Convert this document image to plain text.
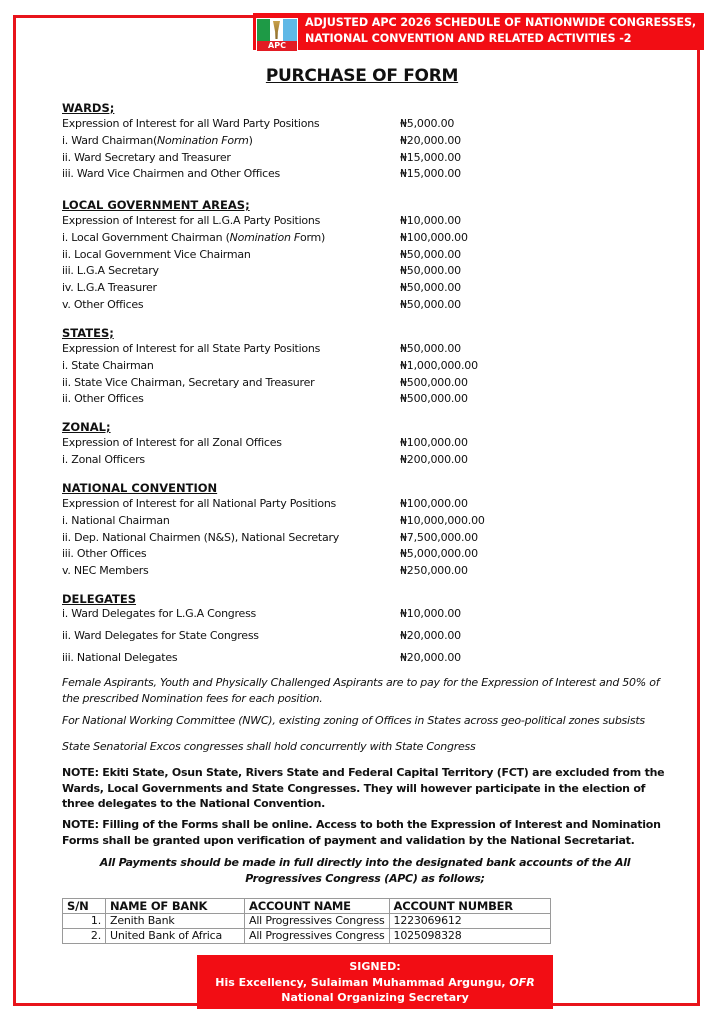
APC
ADJUSTED APC 2026 SCHEDULE OF NATIONWIDE CONGRESSES,
NATIONAL CONVENTION AND RELATED ACTIVITIES -2
PURCHASE OF FORM
WARDS;
Expression of Interest for all Ward Party Positions	₦5,000.00
i. Ward Chairman(Nomination Form)	₦20,000.00
ii. Ward Secretary and Treasurer	₦15,000.00
iii. Ward Vice Chairmen and Other Offices	₦15,000.00
LOCAL GOVERNMENT AREAS;
Expression of Interest for all L.G.A Party Positions	₦10,000.00
i. Local Government Chairman (Nomination Form)	₦100,000.00
ii. Local Government Vice Chairman	₦50,000.00
iii. L.G.A Secretary	₦50,000.00
iv. L.G.A Treasurer	₦50,000.00
v. Other Offices	₦50,000.00
STATES;
Expression of Interest for all State Party Positions	₦50,000.00
i. State Chairman	₦1,000,000.00
ii. State Vice Chairman, Secretary and Treasurer	₦500,000.00
ii. Other Offices	₦500,000.00
ZONAL;
Expression of Interest for all Zonal Offices	₦100,000.00
i. Zonal Officers	₦200,000.00
NATIONAL CONVENTION
Expression of Interest for all National Party Positions	₦100,000.00
i. National Chairman	₦10,000,000.00
ii. Dep. National Chairmen (N&S), National Secretary	₦7,500,000.00
iii. Other Offices	₦5,000,000.00
v. NEC Members	₦250,000.00
DELEGATES
i. Ward Delegates for L.G.A Congress	₦10,000.00
ii. Ward Delegates for State Congress	₦20,000.00
iii. National Delegates	₦20,000.00
Female Aspirants, Youth and Physically Challenged Aspirants are to pay for the Expression of Interest and 50% of the prescribed Nomination fees for each position.
For National Working Committee (NWC), existing zoning of Offices in States across geo-political zones subsists
State Senatorial Excos congresses shall hold concurrently with State Congress
NOTE: Ekiti State, Osun State, Rivers State and Federal Capital Territory (FCT) are excluded from the Wards, Local Governments and State Congresses. They will however participate in the election of three delegates to the National Convention.
NOTE: Filling of the Forms shall be online. Access to both the Expression of Interest and Nomination Forms shall be granted upon verification of payment and validation by the National Secretariat.
All Payments should be made in full directly into the designated bank accounts of the All Progressives Congress (APC) as follows;
S/N	NAME OF BANK	ACCOUNT NAME	ACCOUNT NUMBER
1.	Zenith Bank	All Progressives Congress	1223069612
2.	United Bank of Africa	All Progressives Congress	1025098328
SIGNED:
His Excellency, Sulaiman Muhammad Argungu, OFR
National Organizing Secretary
